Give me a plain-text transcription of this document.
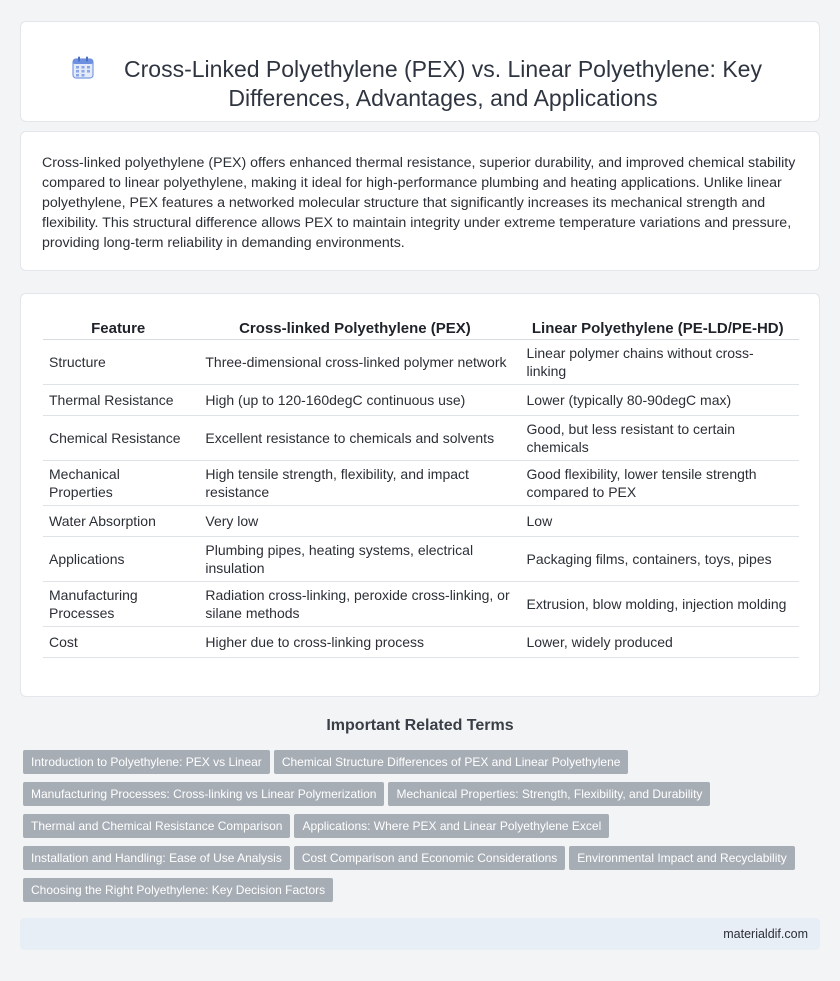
Cross-Linked Polyethylene (PEX) vs. Linear Polyethylene: Key Differences, Advantages, and Applications

Cross-linked polyethylene (PEX) offers enhanced thermal resistance, superior durability, and improved chemical stability compared to linear polyethylene, making it ideal for high-performance plumbing and heating applications. Unlike linear polyethylene, PEX features a networked molecular structure that significantly increases its mechanical strength and flexibility. This structural difference allows PEX to maintain integrity under extreme temperature variations and pressure, providing long-term reliability in demanding environments.

Feature	Cross-linked Polyethylene (PEX)	Linear Polyethylene (PE-LD/PE-HD)
Structure	Three-dimensional cross-linked polymer network	Linear polymer chains without cross-linking
Thermal Resistance	High (up to 120-160degC continuous use)	Lower (typically 80-90degC max)
Chemical Resistance	Excellent resistance to chemicals and solvents	Good, but less resistant to certain chemicals
Mechanical Properties	High tensile strength, flexibility, and impact resistance	Good flexibility, lower tensile strength compared to PEX
Water Absorption	Very low	Low
Applications	Plumbing pipes, heating systems, electrical insulation	Packaging films, containers, toys, pipes
Manufacturing Processes	Radiation cross-linking, peroxide cross-linking, or silane methods	Extrusion, blow molding, injection molding
Cost	Higher due to cross-linking process	Lower, widely produced
Important Related Terms
Introduction to Polyethylene: PEX vs Linear Chemical Structure Differences of PEX and Linear Polyethylene
Manufacturing Processes: Cross-linking vs Linear Polymerization Mechanical Properties: Strength, Flexibility, and Durability
Thermal and Chemical Resistance Comparison Applications: Where PEX and Linear Polyethylene Excel
Installation and Handling: Ease of Use Analysis Cost Comparison and Economic Considerations Environmental Impact and Recyclability
Choosing the Right Polyethylene: Key Decision Factors
materialdif.com
